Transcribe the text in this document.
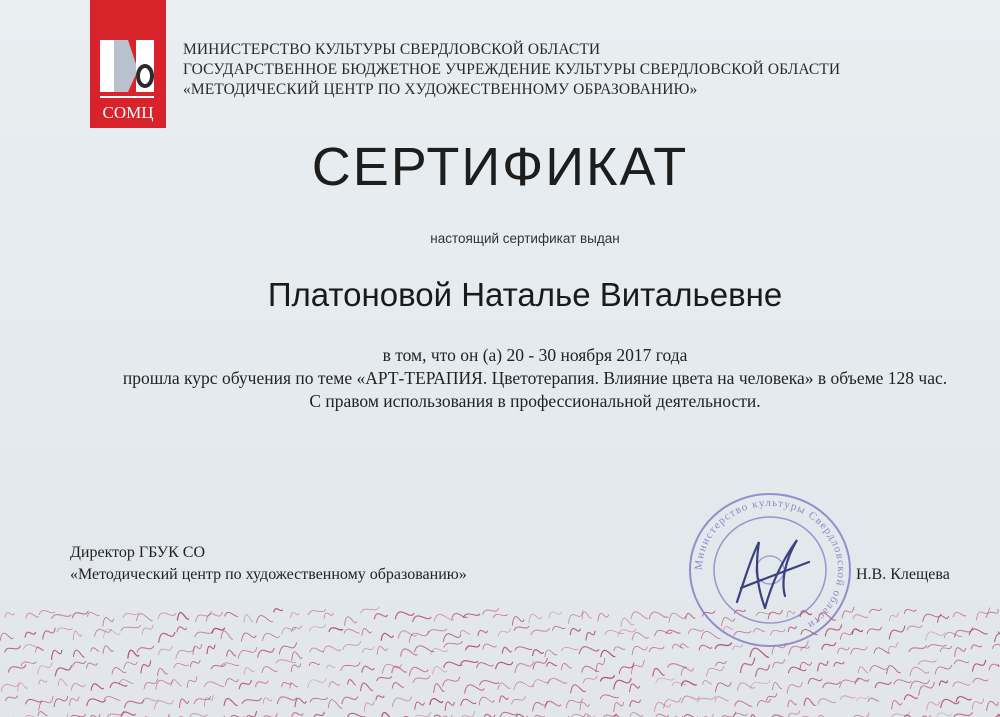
СОМЦ
МИНИСТЕРСТВО КУЛЬТУРЫ СВЕРДЛОВСКОЙ ОБЛАСТИ
ГОСУДАРСТВЕННОЕ БЮДЖЕТНОЕ УЧРЕЖДЕНИЕ КУЛЬТУРЫ СВЕРДЛОВСКОЙ ОБЛАСТИ
«МЕТОДИЧЕСКИЙ ЦЕНТР ПО ХУДОЖЕСТВЕННОМУ ОБРАЗОВАНИЮ»
СЕРТИФИКАТ
настоящий сертификат выдан
Платоновой Наталье Витальевне
в том, что он (а) 20 - 30 ноября 2017 года
прошла курс обучения по теме «АРТ-ТЕРАПИЯ. Цветотерапия. Влияние цвета на человека» в объеме 128 час.
С правом использования в профессиональной деятельности.
Директор ГБУК СО
«Методический центр по художественному образованию»	Н.В. Клещева
Министерство культуры Свердловской области
